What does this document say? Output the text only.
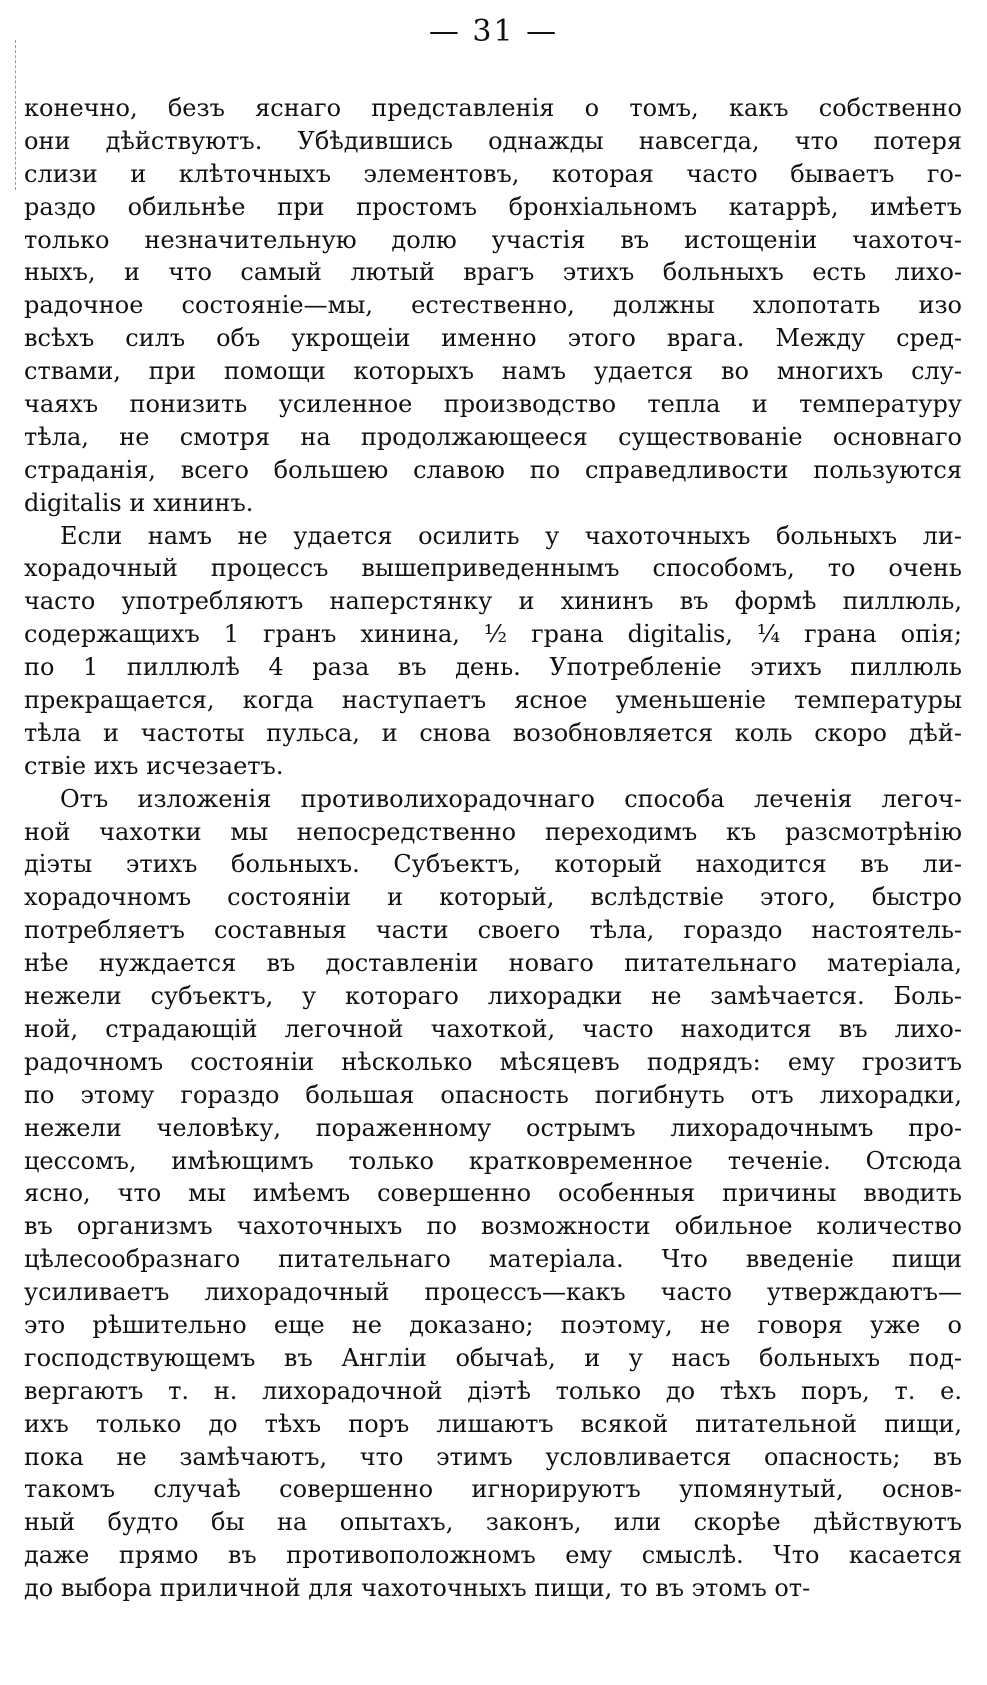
— 31 —
конечно, безъ яснаго представленія о томъ, какъ собственно
они дѣйствуютъ. Убѣдившись однажды навсегда, что потеря
слизи и клѣточныхъ элементовъ, которая часто бываетъ го-
раздо обильнѣе при простомъ бронхіальномъ катаррѣ, имѣетъ
только незначительную долю участія въ истощеніи чахоточ-
ныхъ, и что самый лютый врагъ этихъ больныхъ есть лихо-
радочное состояніе—мы, естественно, должны хлопотать изо
всѣхъ силъ объ укрощеіи именно этого врага. Между сред-
ствами, при помощи которыхъ намъ удается во многихъ слу-
чаяхъ понизить усиленное производство тепла и температуру
тѣла, не смотря на продолжающееся существованіе основнаго
страданія, всего большею славою по справедливости пользуются
digitalis и хининъ.
Если намъ не удается осилить у чахоточныхъ больныхъ ли-
хорадочный процессъ вышеприведеннымъ способомъ, то очень
часто употребляютъ наперстянку и хининъ въ формѣ пиллюль,
содержащихъ 1 гранъ хинина, ½ грана digitalis, ¼ грана опія;
по 1 пиллюлѣ 4 раза въ день. Употребленіе этихъ пиллюль
прекращается, когда наступаетъ ясное уменьшеніе температуры
тѣла и частоты пульса, и снова возобновляется коль скоро дѣй-
ствіе ихъ исчезаетъ.
Отъ изложенія противолихорадочнаго способа леченія легоч-
ной чахотки мы непосредственно переходимъ къ разсмотрѣнію
діэты этихъ больныхъ. Субъектъ, который находится въ ли-
хорадочномъ состояніи и который, вслѣдствіе этого, быстро
потребляетъ составныя части своего тѣла, гораздо настоятель-
нѣе нуждается въ доставленіи новаго питательнаго матеріала,
нежели субъектъ, у котораго лихорадки не замѣчается. Боль-
ной, страдающій легочной чахоткой, часто находится въ лихо-
радочномъ состояніи нѣсколько мѣсяцевъ подрядъ: ему грозитъ
по этому гораздо большая опасность погибнуть отъ лихорадки,
нежели человѣку, пораженному острымъ лихорадочнымъ про-
цессомъ, имѣющимъ только кратковременное теченіе. Отсюда
ясно, что мы имѣемъ совершенно особенныя причины вводить
въ организмъ чахоточныхъ по возможности обильное количество
цѣлесообразнаго питательнаго матеріала. Что введеніе пищи
усиливаетъ лихорадочный процессъ—какъ часто утверждаютъ—
это рѣшительно еще не доказано; поэтому, не говоря уже о
господствующемъ въ Англіи обычаѣ, и у насъ больныхъ под-
вергаютъ т. н. лихорадочной діэтѣ только до тѣхъ поръ, т. е.
ихъ только до тѣхъ поръ лишаютъ всякой питательной пищи,
пока не замѣчаютъ, что этимъ условливается опасность; въ
такомъ случаѣ совершенно игнорируютъ упомянутый, основ-
ный будто бы на опытахъ, законъ, или скорѣе дѣйствуютъ
даже прямо въ противоположномъ ему смыслѣ. Что касается
до выбора приличной для чахоточныхъ пищи, то въ этомъ от-
